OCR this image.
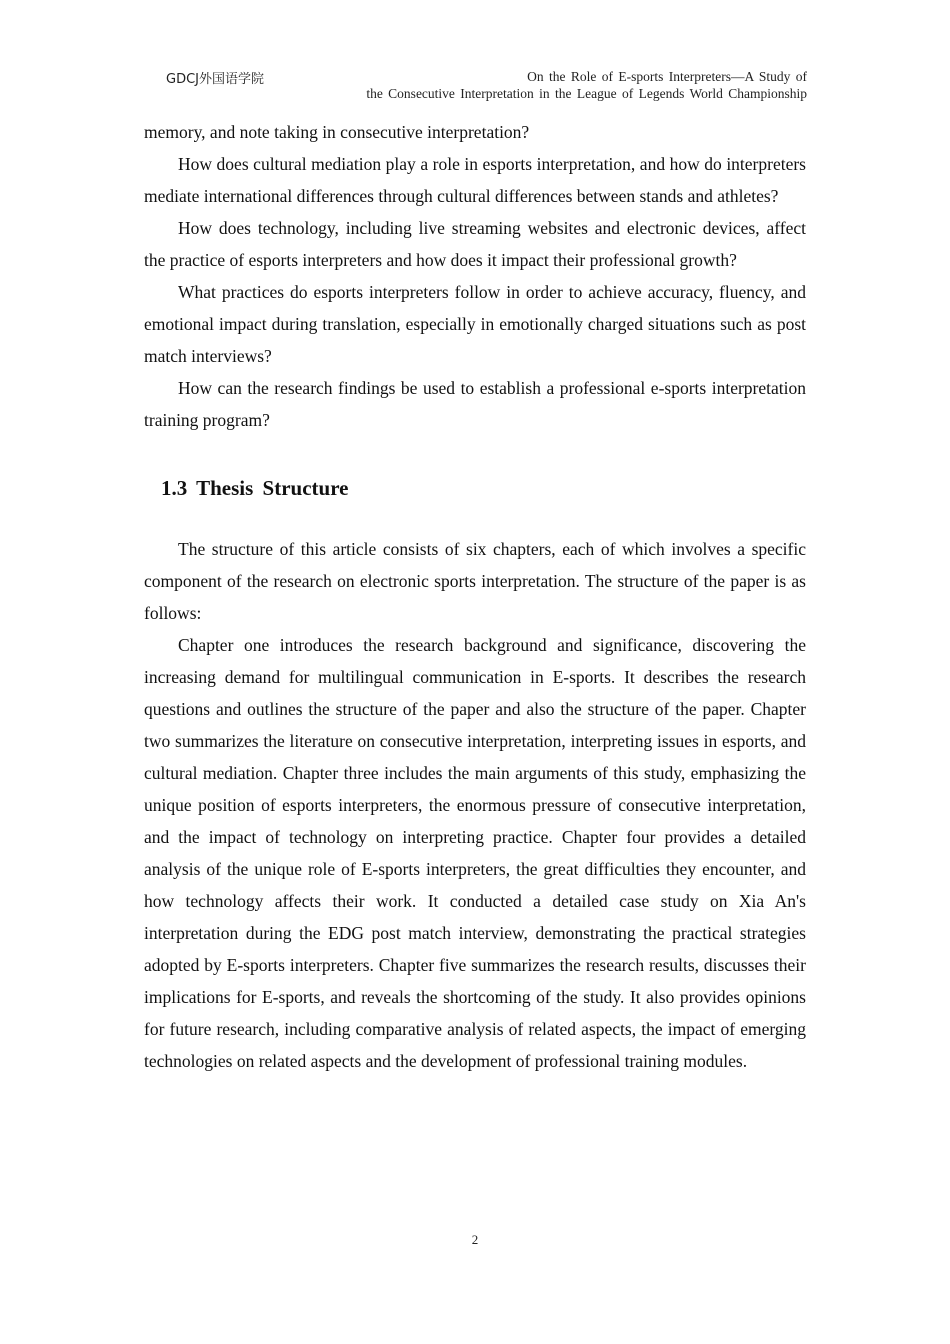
GDCJ外国语学院	On the Role of E-sports Interpreters—A Study of
the Consecutive Interpretation in the League of Legends World Championship

memory, and note taking in consecutive interpretation?

How does cultural mediation play a role in esports interpretation, and how do interpreters mediate international differences through cultural differences between stands and athletes?

How does technology, including live streaming websites and electronic devices, affect the practice of esports interpreters and how does it impact their professional growth?

What practices do esports interpreters follow in order to achieve accuracy, fluency, and emotional impact during translation, especially in emotionally charged situations such as post match interviews?

How can the research findings be used to establish a professional e-sports interpretation training program?

1.3 Thesis Structure

The structure of this article consists of six chapters, each of which involves a specific component of the research on electronic sports interpretation. The structure of the paper is as follows:

Chapter one introduces the research background and significance, discovering the increasing demand for multilingual communication in E-sports. It describes the research questions and outlines the structure of the paper and also the structure of the paper. Chapter two summarizes the literature on consecutive interpretation, interpreting issues in esports, and cultural mediation. Chapter three includes the main arguments of this study, emphasizing the unique position of esports interpreters, the enormous pressure of consecutive interpretation, and the impact of technology on interpreting practice. Chapter four provides a detailed analysis of the unique role of E-sports interpreters, the great difficulties they encounter, and how technology affects their work. It conducted a detailed case study on Xia An's interpretation during the EDG post match interview, demonstrating the practical strategies adopted by E-sports interpreters. Chapter five summarizes the research results, discusses their implications for E-sports, and reveals the shortcoming of the study. It also provides opinions for future research, including comparative analysis of related aspects, the impact of emerging technologies on related aspects and the development of professional training modules.

2
